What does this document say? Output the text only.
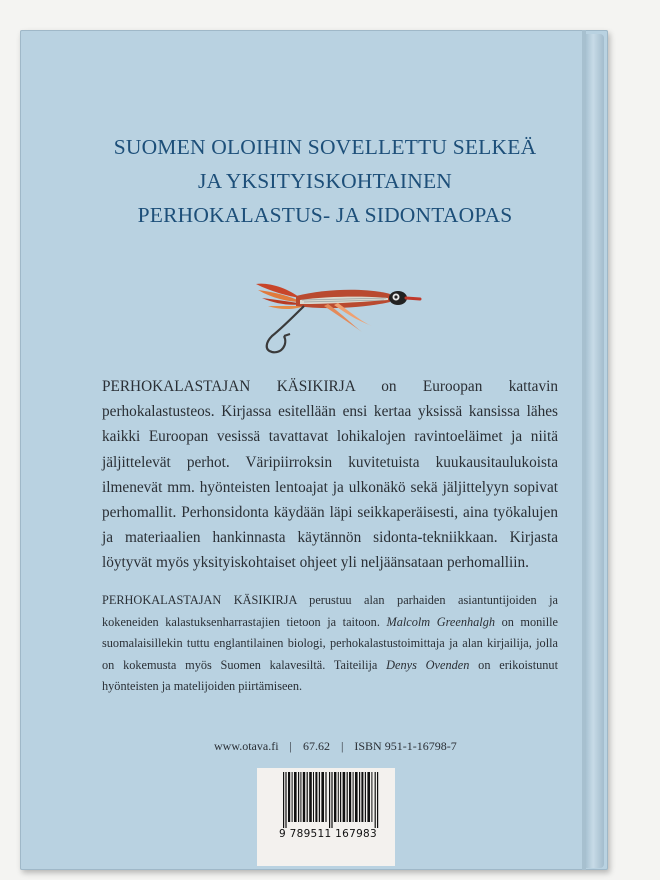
SUOMEN OLOIHIN SOVELLETTU SELKEÄ
JA YKSITYISKOHTAINEN
PERHOKALASTUS- JA SIDONTAOPAS
PERHOKALASTAJAN KÄSIKIRJA on Euroopan kattavin perhokalastusteos. Kirjassa esitellään ensi kertaa yksissä kansissa lähes kaikki Euroopan vesissä tavattavat lohikalojen ravintoeläimet ja niitä jäljittelevät perhot. Väripiirroksin kuvitetuista kuukausitaulukoista ilmenevät mm. hyönteisten lentoajat ja ulkonäkö sekä jäljittelyyn sopivat perhomallit. Perhonsidonta käydään läpi seikkaperäisesti, aina työkalujen ja materiaalien hankinnasta käytännön sidonta-tekniikkaan. Kirjasta löytyvät myös yksityiskohtaiset ohjeet yli neljäänsataan perhomalliin.
PERHOKALASTAJAN KÄSIKIRJA perustuu alan parhaiden asiantuntijoiden ja kokeneiden kalastuksenharrastajien tietoon ja taitoon. Malcolm Greenhalgh on monille suomalaisillekin tuttu englantilainen biologi, perhokalastustoimittaja ja alan kirjailija, jolla on kokemusta myös Suomen kalavesiltä. Taiteilija Denys Ovenden on erikoistunut hyönteisten ja matelijoiden piirtämiseen.
www.otava.fi | 67.62 | ISBN 951-1-16798-7
9 789511 167983
